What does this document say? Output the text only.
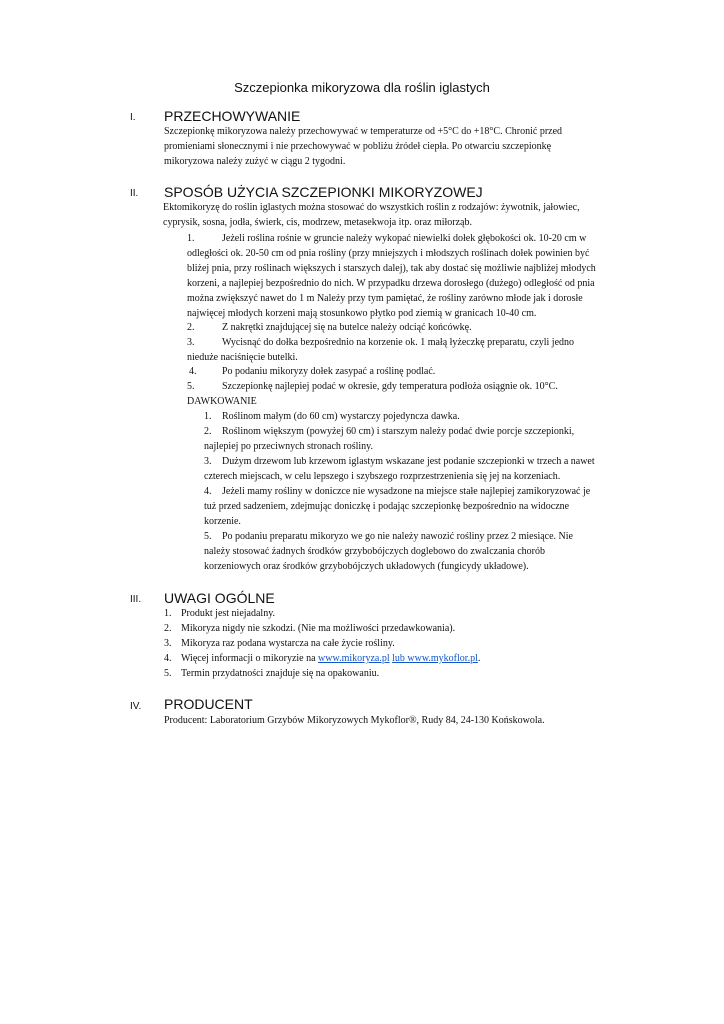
Szczepionka mikoryzowa dla roślin iglastych
I. PRZECHOWYWANIE
Szczepionkę mikoryzowa należy przechowywać w temperaturze od +5°C do +18°C. Chronić przed
promieniami słonecznymi i nie przechowywać w pobliżu źródeł ciepła. Po otwarciu szczepionkę
mikoryzowa należy zużyć w ciągu 2 tygodni.
II. SPOSÓB UŻYCIA SZCZEPIONKI MIKORYZOWEJ
Ektomikoryzę do roślin iglastych można stosować do wszystkich roślin z rodzajów: żywotnik, jałowiec,
cyprysik, sosna, jodła, świerk, cis, modrzew, metasekwoja itp. oraz miłorząb.
1.	Jeżeli roślina rośnie w gruncie należy wykopać niewielki dołek głębokości ok. 10-20 cm w
odległości ok. 20-50 cm od pnia rośliny (przy mniejszych i młodszych roślinach dołek powinien być
bliżej pnia, przy roślinach większych i starszych dalej), tak aby dostać się możliwie najbliżej młodych
korzeni, a najlepiej bezpośrednio do nich. W przypadku drzewa dorosłego (dużego) odległość od pnia
można zwiększyć nawet do 1 m Należy przy tym pamiętać, że rośliny zarówno młode jak i dorosłe
najwięcej młodych korzeni mają stosunkowo płytko pod ziemią w granicach 10-40 cm.
2.	Z nakrętki znajdującej się na butelce należy odciąć końcówkę.
3.	Wycisnąć do dołka bezpośrednio na korzenie ok. 1 małą łyżeczkę preparatu, czyli jedno
nieduże naciśnięcie butelki.
4.	Po podaniu mikoryzy dołek zasypać a roślinę podlać.
5.	Szczepionkę najlepiej podać w okresie, gdy temperatura podłoża osiągnie ok. 10°C.
DAWKOWANIE
1. Roślinom małym (do 60 cm) wystarczy pojedyncza dawka.
2. Roślinom większym (powyżej 60 cm) i starszym należy podać dwie porcje szczepionki,
najlepiej po przeciwnych stronach rośliny.
3. Dużym drzewom lub krzewom iglastym wskazane jest podanie szczepionki w trzech a nawet
czterech miejscach, w celu lepszego i szybszego rozprzestrzenienia się jej na korzeniach.
4. Jeżeli mamy rośliny w doniczce nie wysadzone na miejsce stałe najlepiej zamikoryzować je
tuż przed sadzeniem, zdejmując doniczkę i podając szczepionkę bezpośrednio na widoczne
korzenie.
5. Po podaniu preparatu mikoryzo we go nie należy nawozić rośliny przez 2 miesiące. Nie
należy stosować żadnych środków grzybobójczych doglebowo do zwalczania chorób
korzeniowych oraz środków grzybobójczych układowych (fungicydy układowe).
III. UWAGI OGÓLNE
1. Produkt jest niejadalny.
2. Mikoryza nigdy nie szkodzi. (Nie ma możliwości przedawkowania).
3. Mikoryza raz podana wystarcza na całe życie rośliny.
4. Więcej informacji o mikoryzie na www.mikoryza.pl lub www.mykoflor.pl.
5. Termin przydatności znajduje się na opakowaniu.
IV. PRODUCENT
Producent: Laboratorium Grzybów Mikoryzowych Mykoflor®, Rudy 84, 24-130 Końskowola.
